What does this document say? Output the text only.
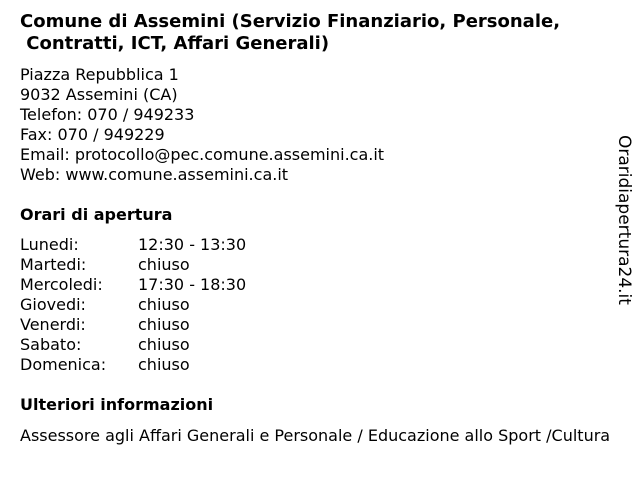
Comune di Assemini (Servizio Finanziario, Personale,
Contratti, ICT, Affari Generali)
Piazza Repubblica 1
9032 Assemini (CA)
Telefon: 070 / 949233
Fax: 070 / 949229
Email: protocollo@pec.comune.assemini.ca.it
Web: www.comune.assemini.ca.it
Orari di apertura
Lunedi:	12:30 - 13:30
Martedi:	chiuso
Mercoledi:	17:30 - 18:30
Giovedi:	chiuso
Venerdi:	chiuso
Sabato:	chiuso
Domenica:	chiuso
Ulteriori informazioni
Assessore agli Affari Generali e Personale / Educazione allo Sport /Cultura
Oraridiapertura24.it
